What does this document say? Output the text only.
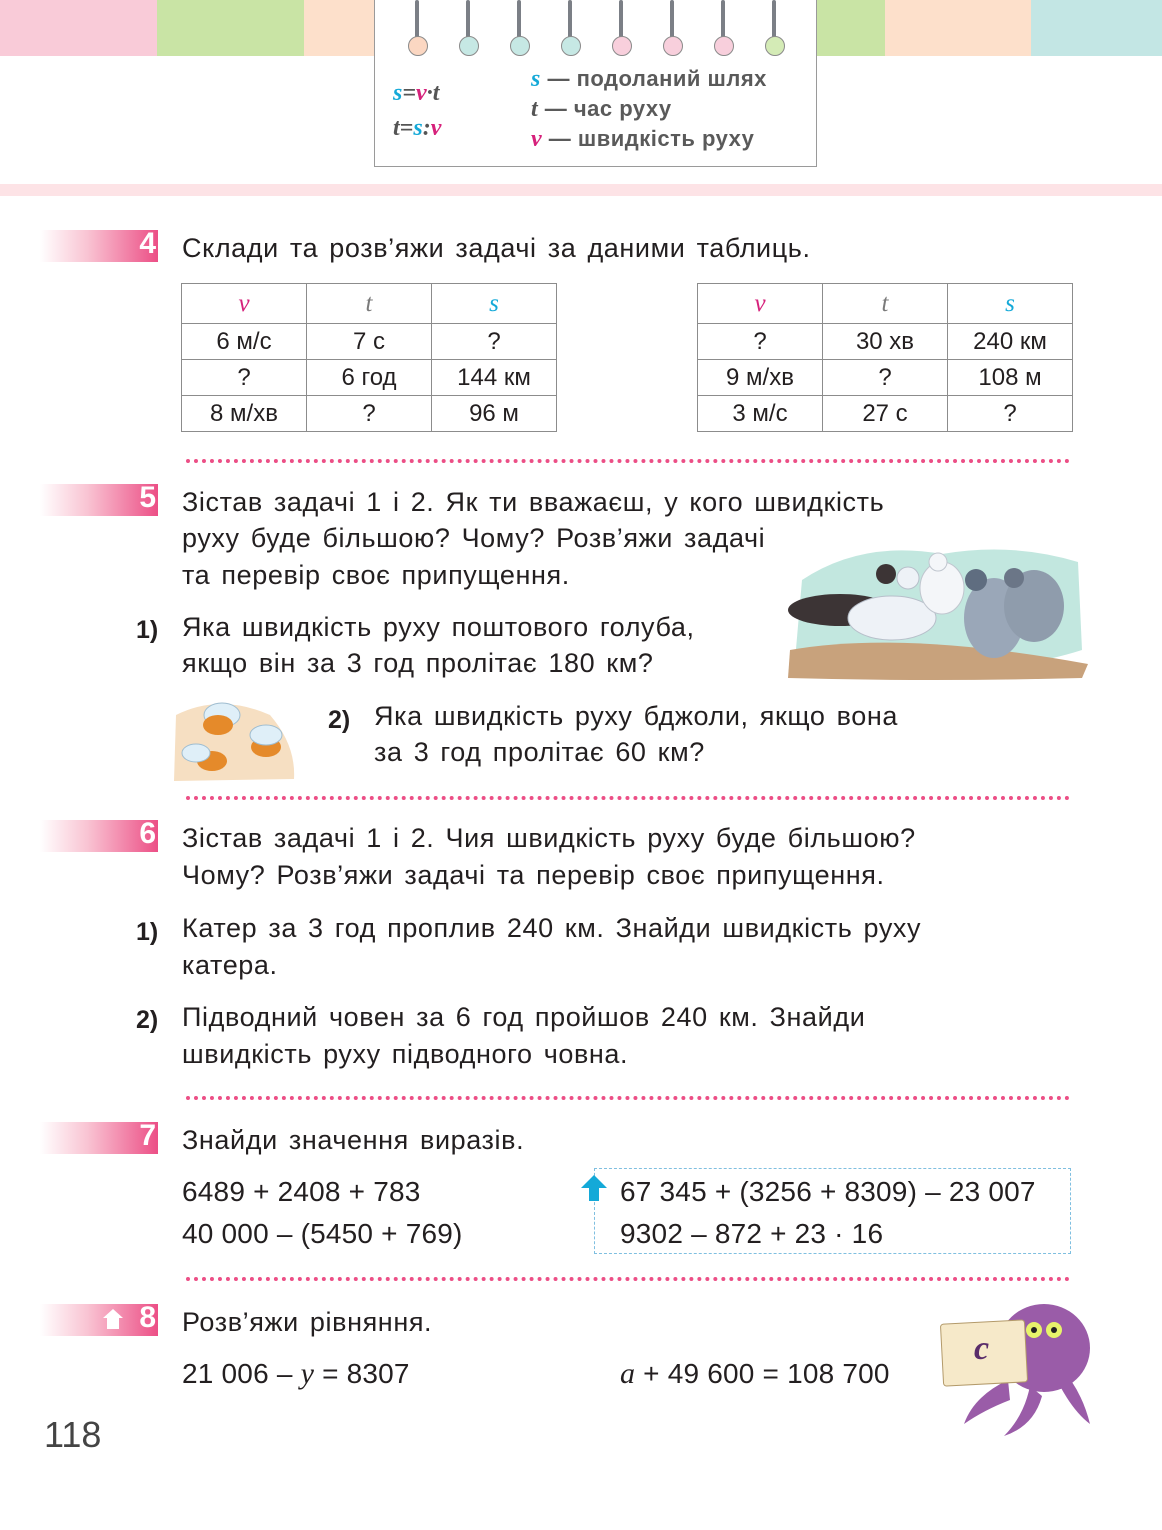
s=v·t
t=s:v
s — подоланий шлях
t — час руху
v — швидкість руху
4 Склади та розв’яжи задачі за даними таблиць.
v	t	s
6 м/с	7 с	?
?	6 год	144 км
8 м/хв	?	96 м
v	t	s
?	30 хв	240 км
9 м/хв	?	108 м
3 м/с	27 с	?
5 Зістав задачі 1 і 2. Як ти вважаєш, у кого швидкість
руху буде більшою? Чому? Розв’яжи задачі
та перевір своє припущення.
1) Яка швидкість руху поштового голуба,
якщо він за 3 год пролітає 180 км?
2) Яка швидкість руху бджоли, якщо вона
за 3 год пролітає 60 км?
6 Зістав задачі 1 і 2. Чия швидкість руху буде більшою?
Чому? Розв’яжи задачі та перевір своє припущення.
1) Катер за 3 год проплив 240 км. Знайди швидкість руху
катера.
2) Підводний човен за 6 год пройшов 240 км. Знайди
швидкість руху підводного човна.
7 Знайди значення виразів.
6489 + 2408 + 783
40 000 – (5450 + 769)
67 345 + (3256 + 8309) – 23 007
9302 – 872 + 23 · 16
8 Розв’яжи рівняння.
21 006 – y = 8307	a + 49 600 = 108 700
c
118
